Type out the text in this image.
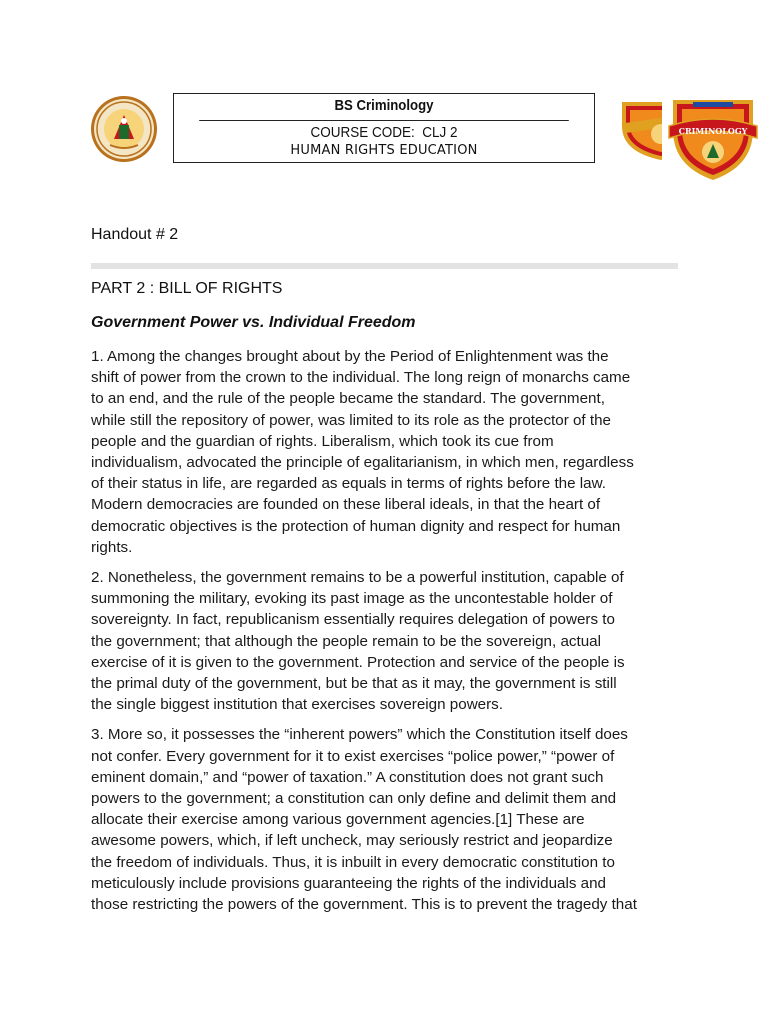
BS Criminology
COURSE CODE:  CLJ 2
HUMAN RIGHTS EDUCATION
CRIMINOLOGY
Handout # 2
PART 2 : BILL OF RIGHTS
Government Power vs. Individual Freedom

1. Among the changes brought about by the Period of Enlightenment was the
shift of power from the crown to the individual. The long reign of monarchs came
to an end, and the rule of the people became the standard. The government,
while still the repository of power, was limited to its role as the protector of the
people and the guardian of rights. Liberalism, which took its cue from
individualism, advocated the principle of egalitarianism, in which men, regardless
of their status in life, are regarded as equals in terms of rights before the law.
Modern democracies are founded on these liberal ideals, in that the heart of
democratic objectives is the protection of human dignity and respect for human
rights.

2. Nonetheless, the government remains to be a powerful institution, capable of
summoning the military, evoking its past image as the uncontestable holder of
sovereignty. In fact, republicanism essentially requires delegation of powers to
the government; that although the people remain to be the sovereign, actual
exercise of it is given to the government. Protection and service of the people is
the primal duty of the government, but be that as it may, the government is still
the single biggest institution that exercises sovereign powers.

3. More so, it possesses the “inherent powers” which the Constitution itself does
not confer. Every government for it to exist exercises “police power,” “power of
eminent domain,” and “power of taxation.” A constitution does not grant such
powers to the government; a constitution can only define and delimit them and
allocate their exercise among various government agencies.[1] These are
awesome powers, which, if left uncheck, may seriously restrict and jeopardize
the freedom of individuals. Thus, it is inbuilt in every democratic constitution to
meticulously include provisions guaranteeing the rights of the individuals and
those restricting the powers of the government. This is to prevent the tragedy that
